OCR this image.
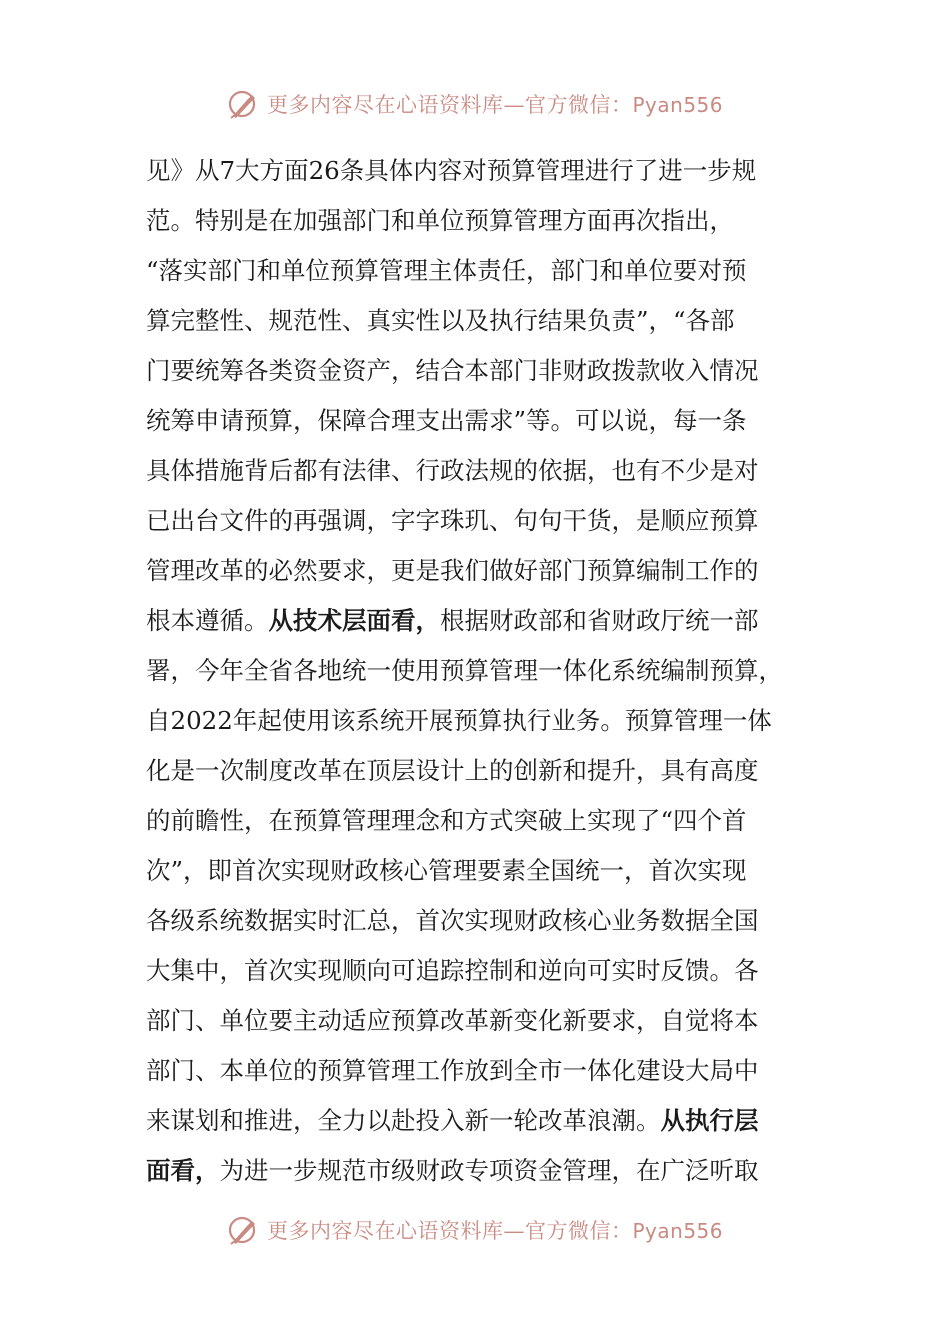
更多内容尽在心语资料库—官方微信：Pyan556
见》从7大方面26条具体内容对预算管理进行了进一步规
范。特别是在加强部门和单位预算管理方面再次指出，
“落实部门和单位预算管理主体责任，部门和单位要对预
算完整性、规范性、真实性以及执行结果负责”，“各部
门要统筹各类资金资产，结合本部门非财政拨款收入情况
统筹申请预算，保障合理支出需求”等。可以说，每一条
具体措施背后都有法律、行政法规的依据，也有不少是对
已出台文件的再强调，字字珠玑、句句干货，是顺应预算
管理改革的必然要求，更是我们做好部门预算编制工作的
根本遵循。 从技术层面看， 根据财政部和省财政厅统一部
署，今年全省各地统一使用预算管理一体化系统编制预算，
自2022年起使用该系统开展预算执行业务。预算管理一体
化是一次制度改革在顶层设计上的创新和提升，具有高度
的前瞻性，在预算管理理念和方式突破上实现了“四个首
次”，即首次实现财政核心管理要素全国统一，首次实现
各级系统数据实时汇总，首次实现财政核心业务数据全国
大集中，首次实现顺向可追踪控制和逆向可实时反馈。各
部门、单位要主动适应预算改革新变化新要求，自觉将本
部门、本单位的预算管理工作放到全市一体化建设大局中
来谋划和推进，全力以赴投入新一轮改革浪潮。 从执行层
面看， 为进一步规范市级财政专项资金管理，在广泛听取
更多内容尽在心语资料库—官方微信：Pyan556
